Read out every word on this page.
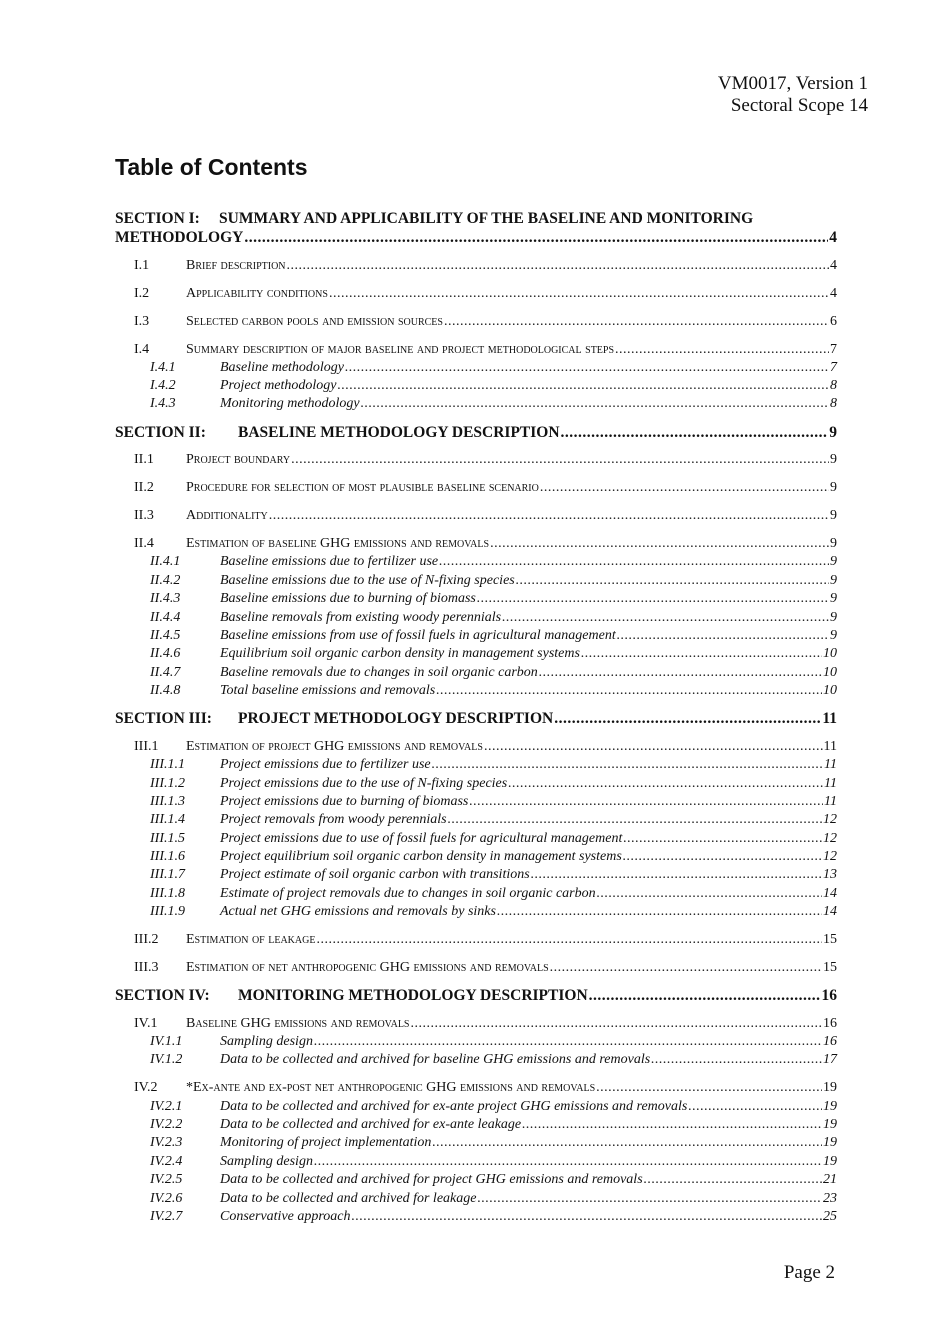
VM0017, Version 1
Sectoral Scope 14
Table of Contents
SECTION I: SUMMARY AND APPLICABILITY OF THE BASELINE AND MONITORING
METHODOLOGY .....	4
I.1	Brief description .....	4
I.2	Applicability conditions .....	4
I.3	Selected carbon pools and emission sources .....	6
I.4	Summary description of major baseline and project methodological steps .....	7
I.4.1	Baseline methodology .....	7
I.4.2	Project methodology .....	8
I.4.3	Monitoring methodology .....	8
SECTION II:	BASELINE METHODOLOGY DESCRIPTION .....	9
II.1	Project boundary .....	9
II.2	Procedure for selection of most plausible baseline scenario .....	9
II.3	Additionality .....	9
II.4	Estimation of baseline GHG emissions and removals .....	9
II.4.1	Baseline emissions due to fertilizer use .....	9
II.4.2	Baseline emissions due to the use of N-fixing species .....	9
II.4.3	Baseline emissions due to burning of biomass .....	9
II.4.4	Baseline removals from existing woody perennials .....	9
II.4.5	Baseline emissions from use of fossil fuels in agricultural management .....	9
II.4.6	Equilibrium soil organic carbon density in management systems .....	10
II.4.7	Baseline removals due to changes in soil organic carbon .....	10
II.4.8	Total baseline emissions and removals .....	10
SECTION III:	PROJECT METHODOLOGY DESCRIPTION .....	11
III.1	Estimation of project GHG emissions and removals .....	11
III.1.1	Project emissions due to fertilizer use .....	11
III.1.2	Project emissions due to the use of N-fixing species .....	11
III.1.3	Project emissions due to burning of biomass .....	11
III.1.4	Project removals from woody perennials .....	12
III.1.5	Project emissions due to use of fossil fuels for agricultural management .....	12
III.1.6	Project equilibrium soil organic carbon density in management systems .....	12
III.1.7	Project estimate of soil organic carbon with transitions .....	13
III.1.8	Estimate of project removals due to changes in soil organic carbon .....	14
III.1.9	Actual net GHG emissions and removals by sinks .....	14
III.2	Estimation of leakage .....	15
III.3	Estimation of net anthropogenic GHG emissions and removals .....	15
SECTION IV:	MONITORING METHODOLOGY DESCRIPTION .....	16
IV.1	Baseline GHG emissions and removals .....	16
IV.1.1	Sampling design .....	16
IV.1.2	Data to be collected and archived for baseline GHG emissions and removals .....	17
IV.2	*Ex-ante and ex-post net anthropogenic GHG emissions and removals .....	19
IV.2.1	Data to be collected and archived for ex-ante project GHG emissions and removals .....	19
IV.2.2	Data to be collected and archived for ex-ante leakage .....	19
IV.2.3	Monitoring of project implementation .....	19
IV.2.4	Sampling design .....	19
IV.2.5	Data to be collected and archived for project GHG emissions and removals .....	21
IV.2.6	Data to be collected and archived for leakage .....	23
IV.2.7	Conservative approach .....	25
Page 2
